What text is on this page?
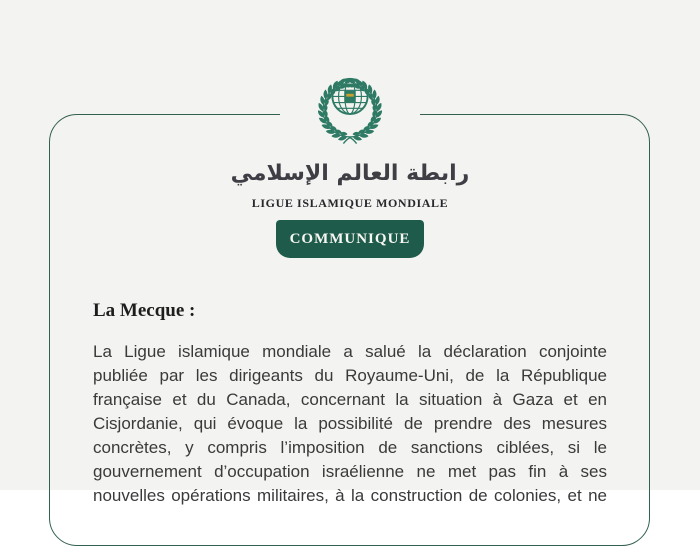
رابطة العالم الإسلامي
LIGUE ISLAMIQUE MONDIALE
COMMUNIQUE
La Mecque :
La Ligue islamique mondiale a salué la déclaration conjointe
publiée par les dirigeants du Royaume-Uni, de la République
française et du Canada, concernant la situation à Gaza et en
Cisjordanie, qui évoque la possibilité de prendre des mesures
concrètes, y compris l’imposition de sanctions ciblées, si le
gouvernement d’occupation israélienne ne met pas fin à ses
nouvelles opérations militaires, à la construction de colonies, et ne
